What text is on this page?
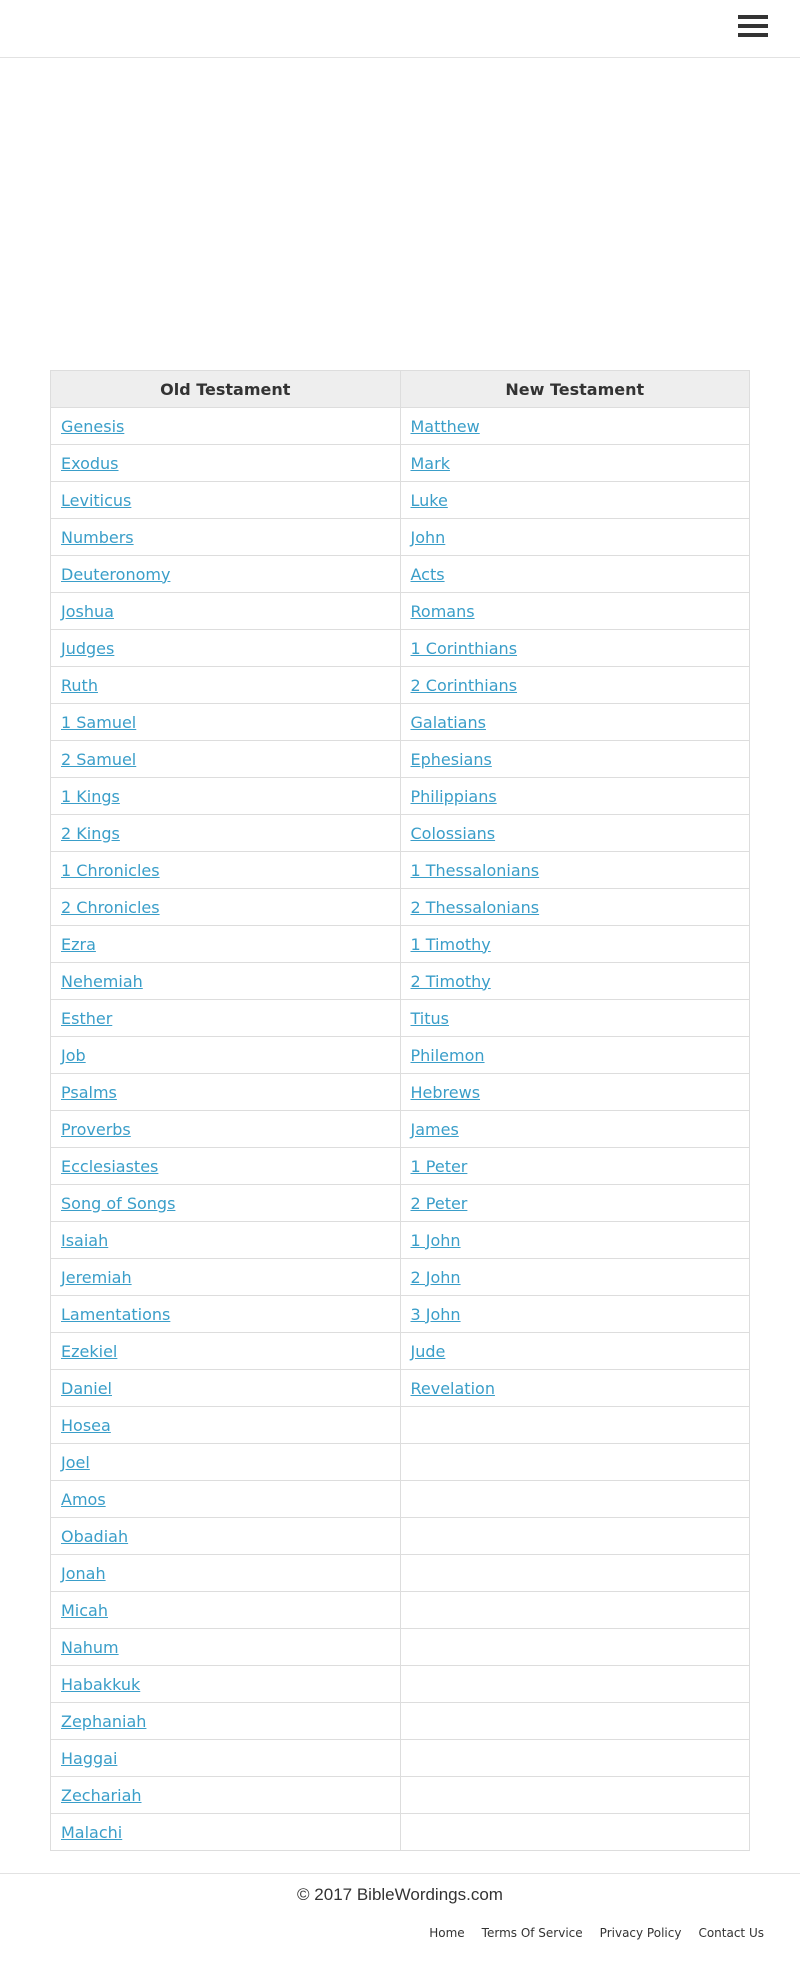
Old Testament	New Testament
Genesis	Matthew
Exodus	Mark
Leviticus	Luke
Numbers	John
Deuteronomy	Acts
Joshua	Romans
Judges	1 Corinthians
Ruth	2 Corinthians
1 Samuel	Galatians
2 Samuel	Ephesians
1 Kings	Philippians
2 Kings	Colossians
1 Chronicles	1 Thessalonians
2 Chronicles	2 Thessalonians
Ezra	1 Timothy
Nehemiah	2 Timothy
Esther	Titus
Job	Philemon
Psalms	Hebrews
Proverbs	James
Ecclesiastes	1 Peter
Song of Songs	2 Peter
Isaiah	1 John
Jeremiah	2 John
Lamentations	3 John
Ezekiel	Jude
Daniel	Revelation
Hosea	
Joel	
Amos	
Obadiah	
Jonah	
Micah	
Nahum	
Habakkuk	
Zephaniah	
Haggai	
Zechariah	
Malachi	
© 2017 BibleWordings.com
Home Terms Of Service Privacy Policy Contact Us
